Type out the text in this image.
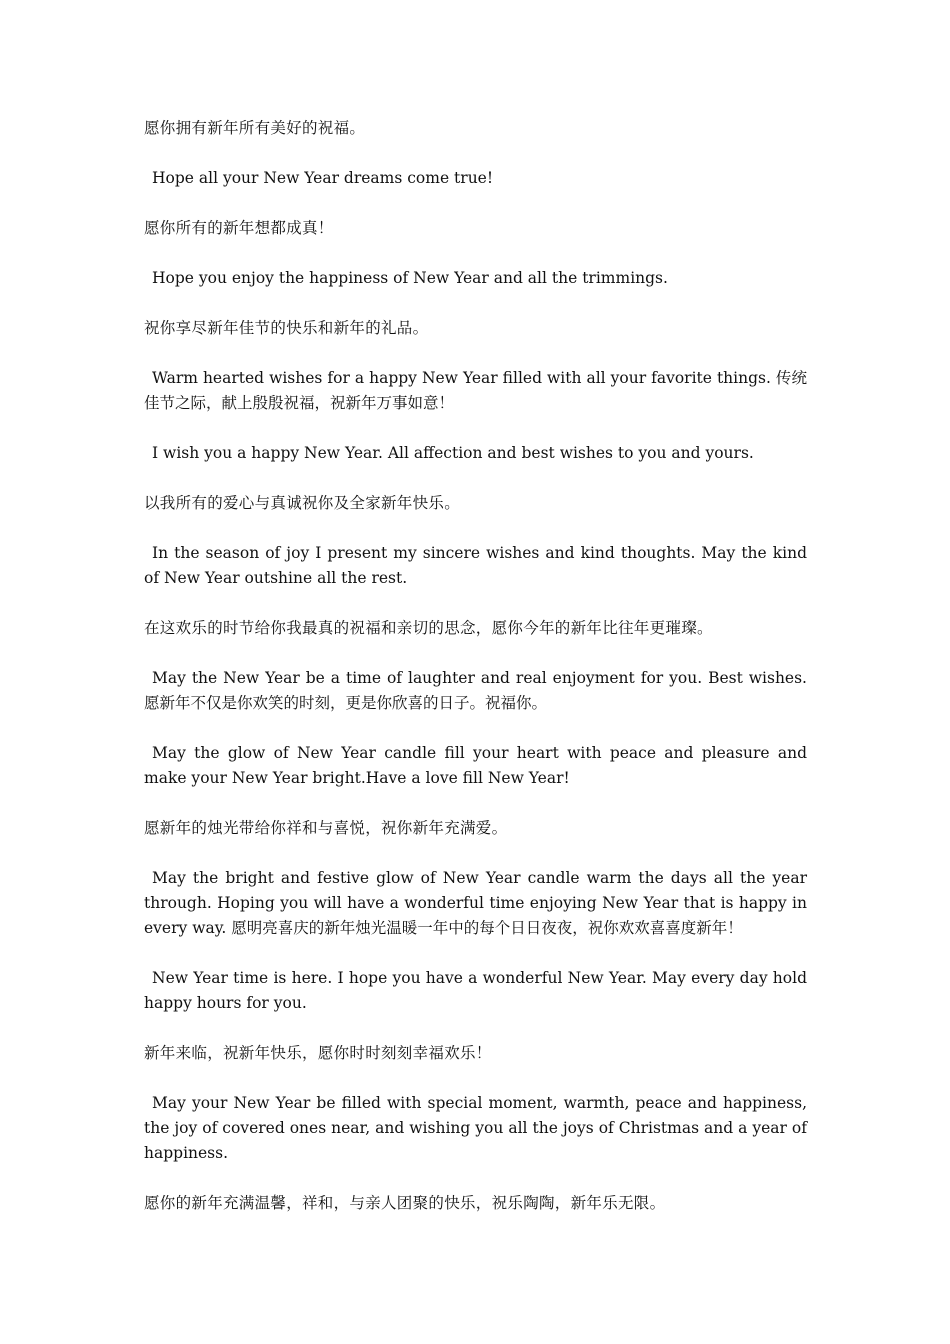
愿你拥有新年所有美好的祝福。

Hope all your New Year dreams come true!

愿你所有的新年想都成真！

Hope you enjoy the happiness of New Year and all the trimmings.

祝你享尽新年佳节的快乐和新年的礼品。

Warm hearted wishes for a happy New Year filled with all your favorite things. 传统佳节之际，献上殷殷祝福，祝新年万事如意！

I wish you a happy New Year. All affection and best wishes to you and yours.

以我所有的爱心与真诚祝你及全家新年快乐。

In the season of joy I present my sincere wishes and kind thoughts. May the kind of New Year outshine all the rest.

在这欢乐的时节给你我最真的祝福和亲切的思念，愿你今年的新年比往年更璀璨。

May the New Year be a time of laughter and real enjoyment for you. Best wishes. 愿新年不仅是你欢笑的时刻，更是你欣喜的日子。祝福你。

May the glow of New Year candle fill your heart with peace and pleasure and make your New Year bright.Have a love fill New Year!

愿新年的烛光带给你祥和与喜悦，祝你新年充满爱。

May the bright and festive glow of New Year candle warm the days all the year through. Hoping you will have a wonderful time enjoying New Year that is happy in every way. 愿明亮喜庆的新年烛光温暖一年中的每个日日夜夜，祝你欢欢喜喜度新年！

New Year time is here. I hope you have a wonderful New Year. May every day hold happy hours for you.

新年来临，祝新年快乐，愿你时时刻刻幸福欢乐！

May your New Year be filled with special moment, warmth, peace and happiness, the joy of covered ones near, and wishing you all the joys of Christmas and a year of happiness.

愿你的新年充满温馨，祥和，与亲人团聚的快乐，祝乐陶陶，新年乐无限。
